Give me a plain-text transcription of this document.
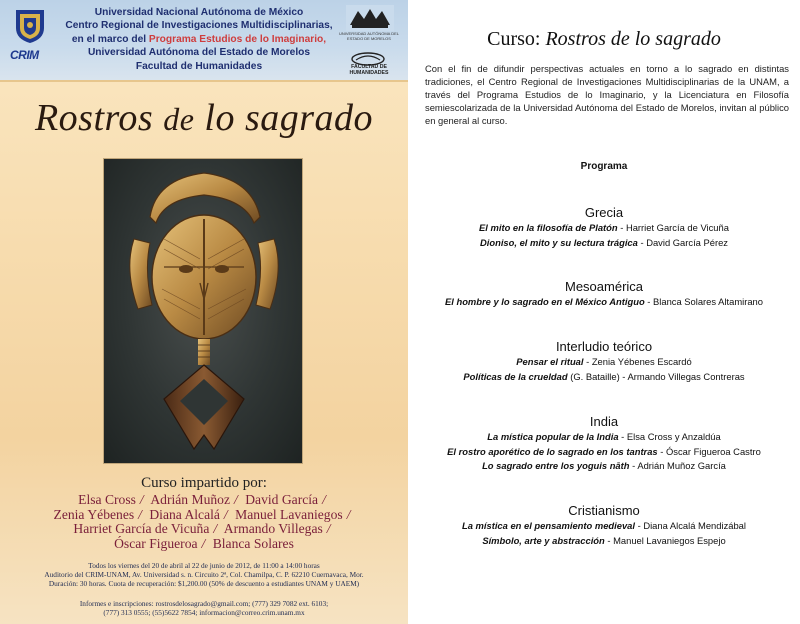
CRIM
Universidad Nacional Autónoma de México
Centro Regional de Investigaciones Multidisciplinarias,
en el marco del Programa Estudios de lo Imaginario,
Universidad Autónoma del Estado de Morelos
Facultad de Humanidades
UNIVERSIDAD AUTÓNOMA DEL ESTADO DE MORELOS
FACULTAD DE HUMANIDADES
Rostros de lo sagrado
Curso impartido por:
Elsa Cross / Adrián Muñoz / David García /
Zenia Yébenes / Diana Alcalá / Manuel Lavaniegos /
Harriet García de Vicuña / Armando Villegas /
Óscar Figueroa / Blanca Solares
Todos los viernes del 20 de abril al 22 de junio de 2012, de 11:00 a 14:00 horas
Auditorio del CRIM-UNAM, Av. Universidad s. n. Circuito 2ª, Col. Chamilpa, C. P. 62210 Cuernavaca, Mor.
Duración: 30 horas. Cuota de recuperación: $1,200.00 (50% de descuento a estudiantes UNAM y UAEM)
Informes e inscripciones: rostrosdelosagrado@gmail.com; (777) 329 7082 ext. 6103;
(777) 313 0555; (55)5622 7854; informacion@correo.crim.unam.mx
Curso: Rostros de lo sagrado
Con el fin de difundir perspectivas actuales en torno a lo sagrado en distintas tradiciones, el Centro Regional de Investigaciones Multidisciplinarias de la UNAM, a través del Programa Estudios de lo Imaginario, y la Licenciatura en Filosofía semiescolarizada de la Universidad Autónoma del Estado de Morelos, invitan al público en general al curso.
Programa
Grecia
El mito en la filosofía de Platón - Harriet García de Vicuña
Dioniso, el mito y su lectura trágica - David García Pérez
Mesoamérica
El hombre y lo sagrado en el México Antiguo - Blanca Solares Altamirano
Interludio teórico
Pensar el ritual - Zenia Yébenes Escardó
Políticas de la crueldad (G. Bataille) - Armando Villegas Contreras
India
La mística popular de la India - Elsa Cross y Anzaldúa
El rostro aporético de lo sagrado en los tantras - Óscar Figueroa Castro
Lo sagrado entre los yoguis nāth - Adrián Muñoz García
Cristianismo
La mística en el pensamiento medieval - Diana Alcalá Mendizábal
Símbolo, arte y abstracción - Manuel Lavaniegos Espejo
